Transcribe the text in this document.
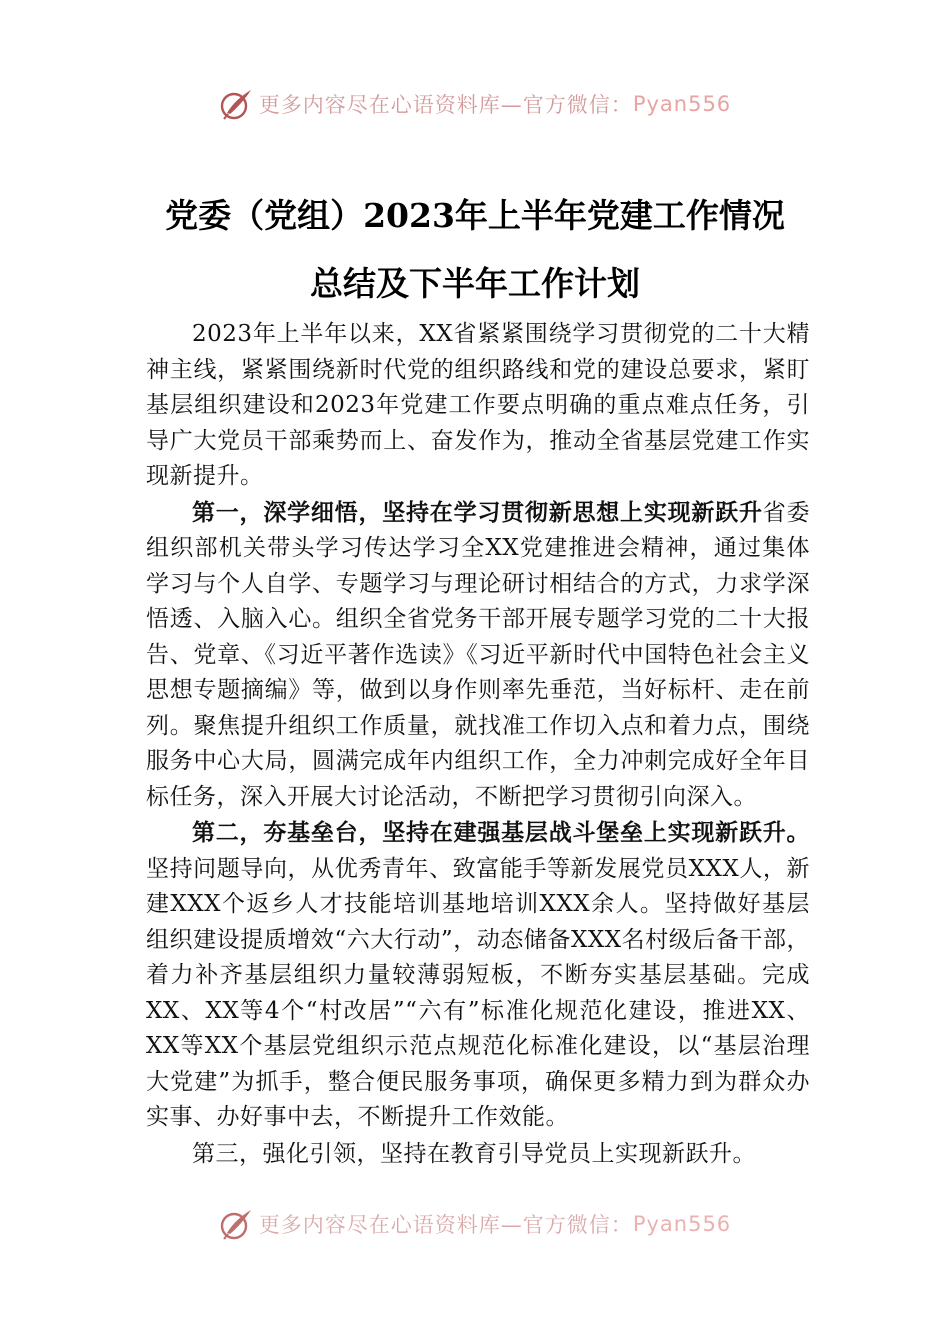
更多内容尽在心语资料库—官方微信： Pyan556
党委（党组）2023年上半年党建工作情况
总结及下半年工作计划

2023年上半年以来，XX省紧紧围绕学习贯彻党的二十大精神主线，紧紧围绕新时代党的组织路线和党的建设总要求，紧盯基层组织建设和2023年党建工作要点明确的重点难点任务，引导广大党员干部乘势而上、奋发作为，推动全省基层党建工作实现新提升。

第一，深学细悟，坚持在学习贯彻新思想上实现新跃升省委组织部机关带头学习传达学习全XX党建推进会精神，通过集体学习与个人自学、专题学习与理论研讨相结合的方式，力求学深悟透、入脑入心。组织全省党务干部开展专题学习党的二十大报告、党章、《习近平著作选读》《习近平新时代中国特色社会主义思想专题摘编》等，做到以身作则率先垂范，当好标杆、走在前列。聚焦提升组织工作质量，就找准工作切入点和着力点，围绕服务中心大局，圆满完成年内组织工作，全力冲刺完成好全年目标任务，深入开展大讨论活动，不断把学习贯彻引向深入。

第二，夯基垒台，坚持在建强基层战斗堡垒上实现新跃升。坚持问题导向，从优秀青年、致富能手等新发展党员XXX人，新建XXX个返乡人才技能培训基地培训XXX余人。坚持做好基层组织建设提质增效“六大行动”，动态储备XXX名村级后备干部，着力补齐基层组织力量较薄弱短板，不断夯实基层基础。完成XX、XX等4个“村改居”“六有”标准化规范化建设，推进XX、XX等XX个基层党组织示范点规范化标准化建设，以“基层治理大党建”为抓手，整合便民服务事项，确保更多精力到为群众办实事、办好事中去，不断提升工作效能。

第三，强化引领，坚持在教育引导党员上实现新跃升。

更多内容尽在心语资料库—官方微信： Pyan556
